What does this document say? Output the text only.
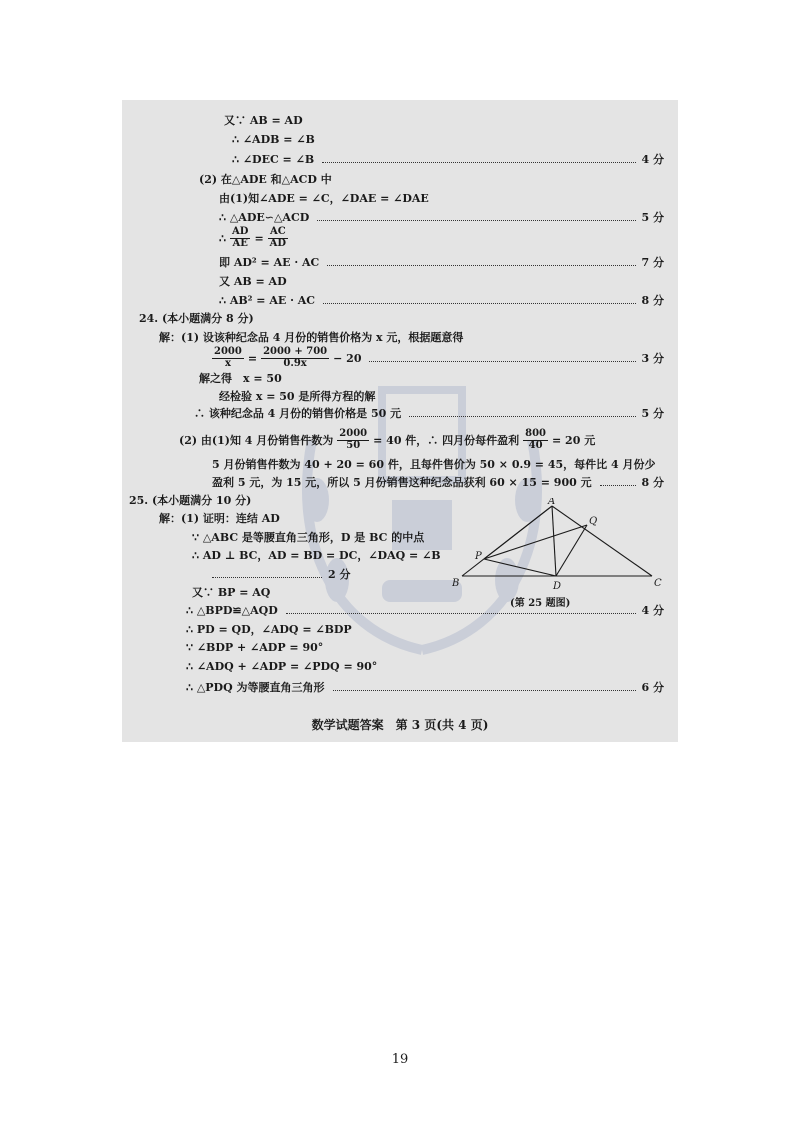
又∵ AB = AD
∴ ∠ADB = ∠B
∴ ∠DEC = ∠B	4 分
(2) 在△ADE 和△ACD 中
由(1)知∠ADE = ∠C，∠DAE = ∠DAE
∴ △ADE∽△ACD	5 分
∴ $\frac{AD}{AE} = \frac{AC}{AD}$
即 AD² = AE · AC	7 分
又 AB = AD
∴ AB² = AE · AC	8 分
24. (本小题满分 8 分)
解：(1) 设该种纪念品 4 月份的销售价格为 x 元，根据题意得
$\frac{2000}{x} = \frac{2000 + 700}{0.9x} - 20$	3 分
解之得　x = 50
经检验 x = 50 是所得方程的解
∴ 该种纪念品 4 月份的销售价格是 50 元	5 分
(2) 由(1)知 4 月份销售件数为 $\frac{2000}{50} = 40$ 件，∴ 四月份每件盈利 $\frac{800}{40} = 20$ 元
5 月份销售件数为 40 + 20 = 60 件，且每件售价为 50 × 0.9 = 45，每件比 4 月份少
盈利 5 元，为 15 元，所以 5 月份销售这种纪念品获利 60 × 15 = 900 元	8 分
25. (本小题满分 10 分)
解：(1) 证明：连结 AD
∵ △ABC 是等腰直角三角形，D 是 BC 的中点
∴ AD ⊥ BC，AD = BD = DC，∠DAQ = ∠B
2 分
又∵ BP = AQ
∴ △BPD≌△AQD	4 分
∴ PD = QD，∠ADQ = ∠BDP
∵ ∠BDP + ∠ADP = 90°
∴ ∠ADQ + ∠ADP = ∠PDQ = 90°
∴ △PDQ 为等腰直角三角形	6 分
A
B	C
D
P
Q
(第 25 题图)
数学试题答案　第 3 页(共 4 页)
19
